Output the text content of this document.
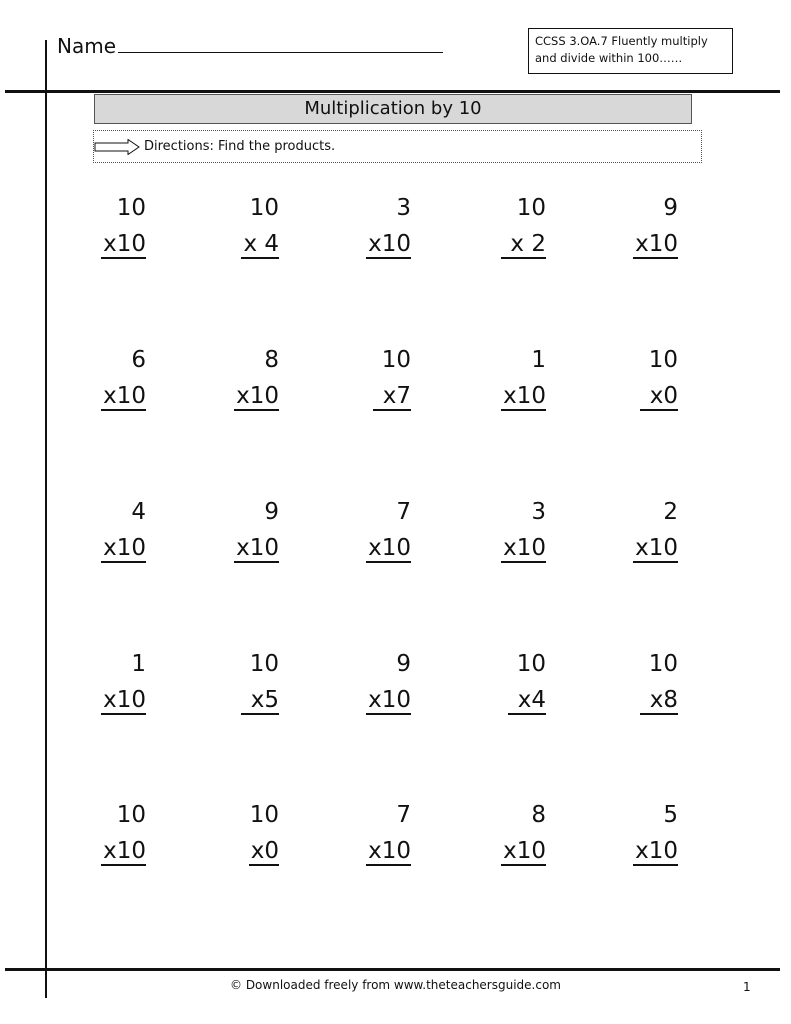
Name	CCSS 3.OA.7 Fluently multiply and divide within 100……
Multiplication by 10
Directions: Find the products.
10
x10
10
x 4
3
x10
10
x 2
9
x10
6
x10
8
x10
10
x7
1
x10
10
x0
4
x10
9
x10
7
x10
3
x10
2
x10
1
x10
10
x5
9
x10
10
x4
10
x8
10
x10
10
x0
7
x10
8
x10
5
x10
© Downloaded freely from www.theteachersguide.com	1
